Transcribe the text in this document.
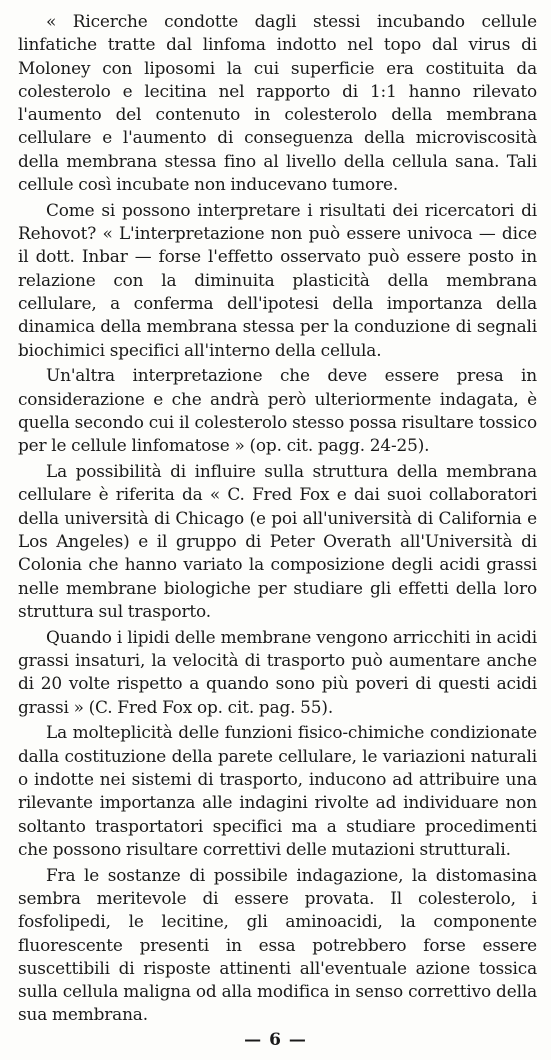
« Ricerche condotte dagli stessi incubando cellule linfatiche tratte dal linfoma indotto nel topo dal virus di Moloney con liposomi la cui superficie era costituita da colesterolo e lecitina nel rapporto di 1:1 hanno rilevato l'aumento del contenuto in colesterolo della membrana cellulare e l'aumento di conseguenza della microviscosità della membrana stessa fino al livello della cellula sana. Tali cellule così incubate non inducevano tumore.

Come si possono interpretare i risultati dei ricercatori di Rehovot? « L'interpretazione non può essere univoca — dice il dott. Inbar — forse l'effetto osservato può essere posto in relazione con la diminuita plasticità della membrana cellulare, a conferma dell'ipotesi della importanza della dinamica della membrana stessa per la conduzione di segnali biochimici specifici all'interno della cellula.

Un'altra interpretazione che deve essere presa in considerazione e che andrà però ulteriormente indagata, è quella secondo cui il colesterolo stesso possa risultare tossico per le cellule linfomatose » (op. cit. pagg. 24-25).

La possibilità di influire sulla struttura della membrana cellulare è riferita da « C. Fred Fox e dai suoi collaboratori della università di Chicago (e poi all'università di California e Los Angeles) e il gruppo di Peter Overath all'Università di Colonia che hanno variato la composizione degli acidi grassi nelle membrane biologiche per studiare gli effetti della loro struttura sul trasporto.

Quando i lipidi delle membrane vengono arricchiti in acidi grassi insaturi, la velocità di trasporto può aumentare anche di 20 volte rispetto a quando sono più poveri di questi acidi grassi » (C. Fred Fox op. cit. pag. 55).

La molteplicità delle funzioni fisico-chimiche condizionate dalla costituzione della parete cellulare, le variazioni naturali o indotte nei sistemi di trasporto, inducono ad attribuire una rilevante importanza alle indagini rivolte ad individuare non soltanto trasportatori specifici ma a studiare procedimenti che possono risultare correttivi delle mutazioni strutturali.

Fra le sostanze di possibile indagazione, la distomasina sembra meritevole di essere provata. Il colesterolo, i fosfolipedi, le lecitine, gli aminoacidi, la componente fluorescente presenti in essa potrebbero forse essere suscettibili di risposte attinenti all'eventuale azione tossica sulla cellula maligna od alla modifica in senso correttivo della sua membrana.

— 6 —
